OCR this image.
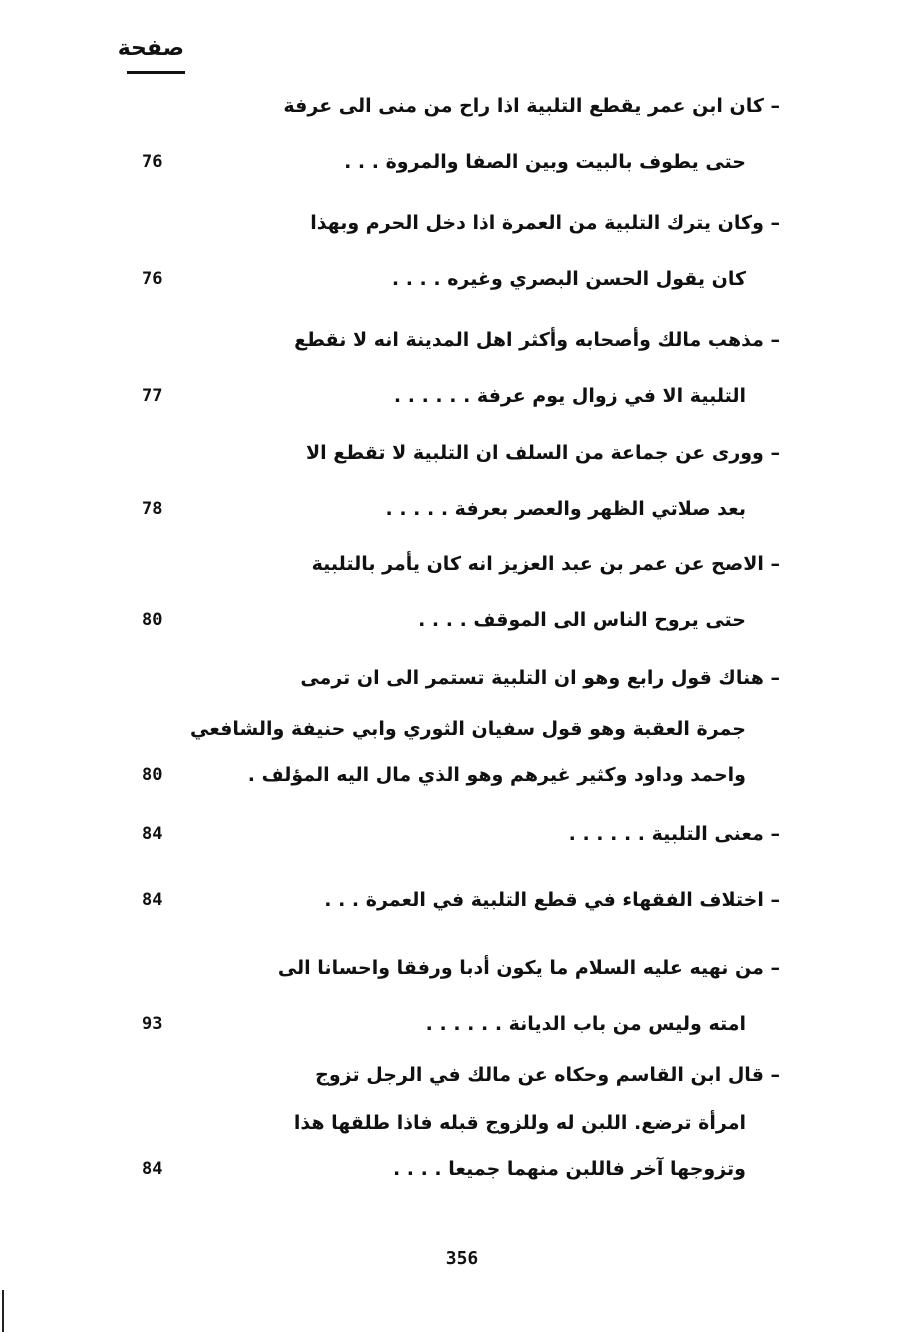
صفحة
– كان ابن عمر يقطع التلبية اذا راح من منى الى عرفة
حتى يطوف بالبيت وبين الصفا والمروة . . .
76
– وكان يترك التلبية من العمرة اذا دخل الحرم وبهذا
كان يقول الحسن البصري وغيره . . . .
76
– مذهب مالك وأصحابه وأكثر اهل المدينة انه لا نقطع
التلبية الا في زوال يوم عرفة . . . . . .
77
– وورى عن جماعة من السلف ان التلبية لا تقطع الا
بعد صلاتي الظهر والعصر بعرفة . . . . .
78
– الاصح عن عمر بن عبد العزيز انه كان يأمر بالتلبية
حتى يروح الناس الى الموقف . . . .
80
– هناك قول رابع وهو ان التلبية تستمر الى ان ترمى
جمرة العقبة وهو قول سفيان الثوري وابي حنيفة والشافعي
واحمد وداود وكثير غيرهم وهو الذي مال اليه المؤلف .
80
– معنى التلبية . . . . . .
84
– اختلاف الفقهاء في قطع التلبية في العمرة . . .
84
– من نهيه عليه السلام ما يكون أدبا ورفقا واحسانا الى
امته وليس من باب الديانة . . . . . .
93
– قال ابن القاسم وحكاه عن مالك في الرجل تزوج
امرأة ترضع. اللبن له وللزوج قبله فاذا طلقها هذا
وتزوجها آخر فاللبن منهما جميعا . . . .
84
356
